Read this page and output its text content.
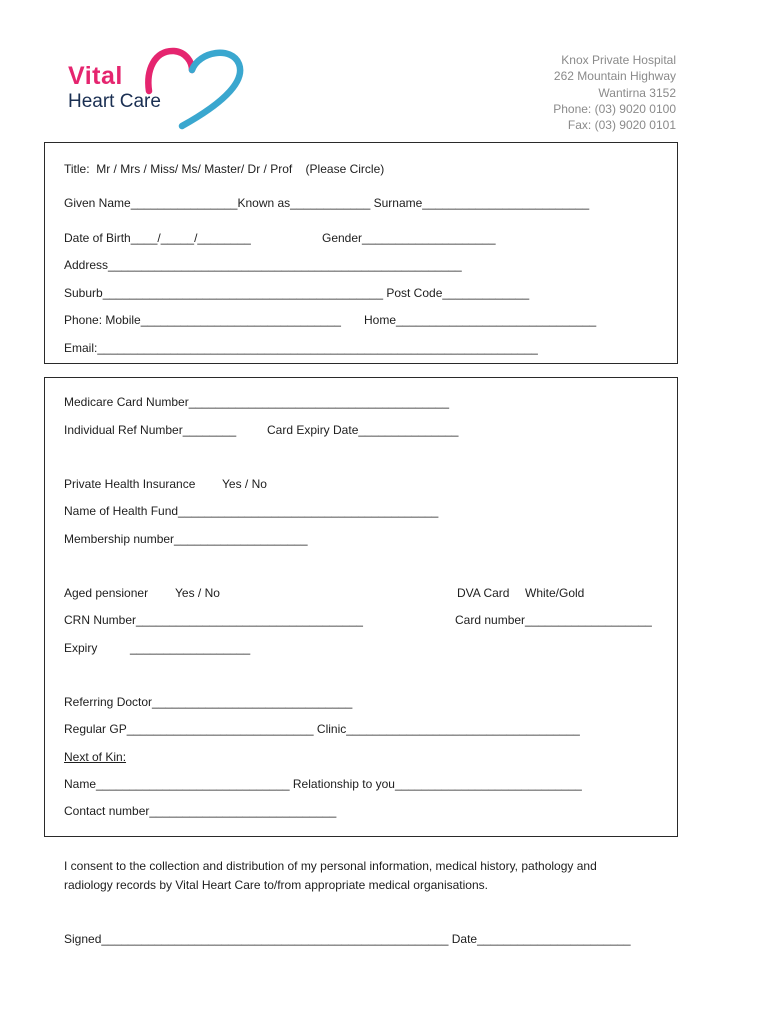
Vital
Heart Care
Knox Private Hospital
262 Mountain Highway
Wantirna 3152
Phone: (03) 9020 0100
Fax: (03) 9020 0101
Title:  Mr / Mrs / Miss/ Ms/ Master/ Dr / Prof    (Please Circle)
Given Name________________Known as____________ Surname_________________________
Date of Birth____/_____/________	Gender____________________
Address_____________________________________________________
Suburb__________________________________________ Post Code_____________
Phone: Mobile______________________________ Home______________________________
Email:__________________________________________________________________
Medicare Card Number_______________________________________
Individual Ref Number________	Card Expiry Date_______________
Private Health Insurance Yes / No
Name of Health Fund_______________________________________
Membership number____________________
Aged pensioner Yes / No	DVA Card White/Gold
CRN Number__________________________________	Card number___________________
Expiry	__________________
Referring Doctor______________________________
Regular GP____________________________ Clinic___________________________________
Next of Kin:
Name_____________________________ Relationship to you____________________________
Contact number____________________________
I consent to the collection and distribution of my personal information, medical history, pathology and
radiology records by Vital Heart Care to/from appropriate medical organisations.
Signed____________________________________________________ Date_______________________
